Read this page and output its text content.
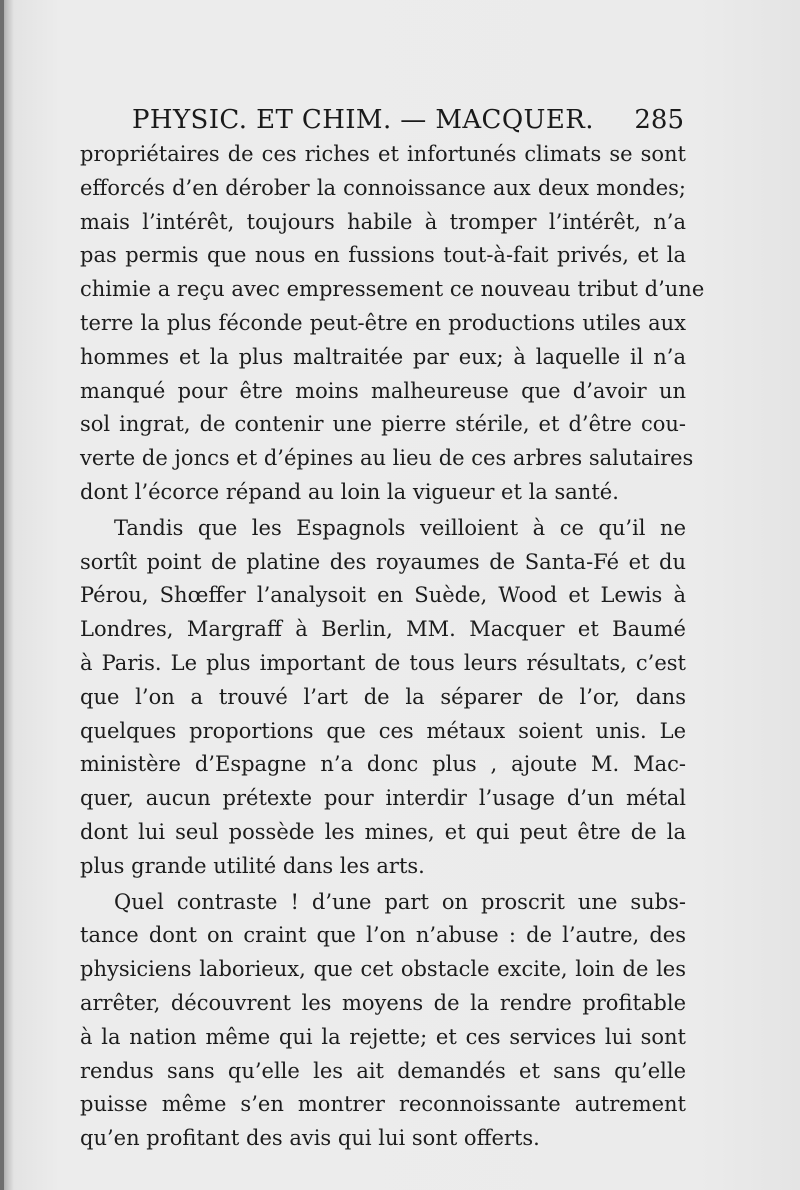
PHYSIC. ET CHIM. — MACQUER. 285
propriétaires de ces riches et infortunés climats se sont
efforcés d’en dérober la connoissance aux deux mondes;
mais l’intérêt, toujours habile à tromper l’intérêt, n’a
pas permis que nous en fussions tout-à-fait privés, et la
chimie a reçu avec empressement ce nouveau tribut d’une
terre la plus féconde peut-être en productions utiles aux
hommes et la plus maltraitée par eux; à laquelle il n’a
manqué pour être moins malheureuse que d’avoir un
sol ingrat, de contenir une pierre stérile, et d’être cou-
verte de joncs et d’épines au lieu de ces arbres salutaires
dont l’écorce répand au loin la vigueur et la santé.
Tandis que les Espagnols veilloient à ce qu’il ne
sortît point de platine des royaumes de Santa-Fé et du
Pérou, Shœffer l’analysoit en Suède, Wood et Lewis à
Londres, Margraff à Berlin, MM. Macquer et Baumé
à Paris. Le plus important de tous leurs résultats, c’est
que l’on a trouvé l’art de la séparer de l’or, dans
quelques proportions que ces métaux soient unis. Le
ministère d’Espagne n’a donc plus , ajoute M. Mac-
quer, aucun prétexte pour interdir l’usage d’un métal
dont lui seul possède les mines, et qui peut être de la
plus grande utilité dans les arts.
Quel contraste ! d’une part on proscrit une subs-
tance dont on craint que l’on n’abuse : de l’autre, des
physiciens laborieux, que cet obstacle excite, loin de les
arrêter, découvrent les moyens de la rendre profitable
à la nation même qui la rejette; et ces services lui sont
rendus sans qu’elle les ait demandés et sans qu’elle
puisse même s’en montrer reconnoissante autrement
qu’en profitant des avis qui lui sont offerts.
